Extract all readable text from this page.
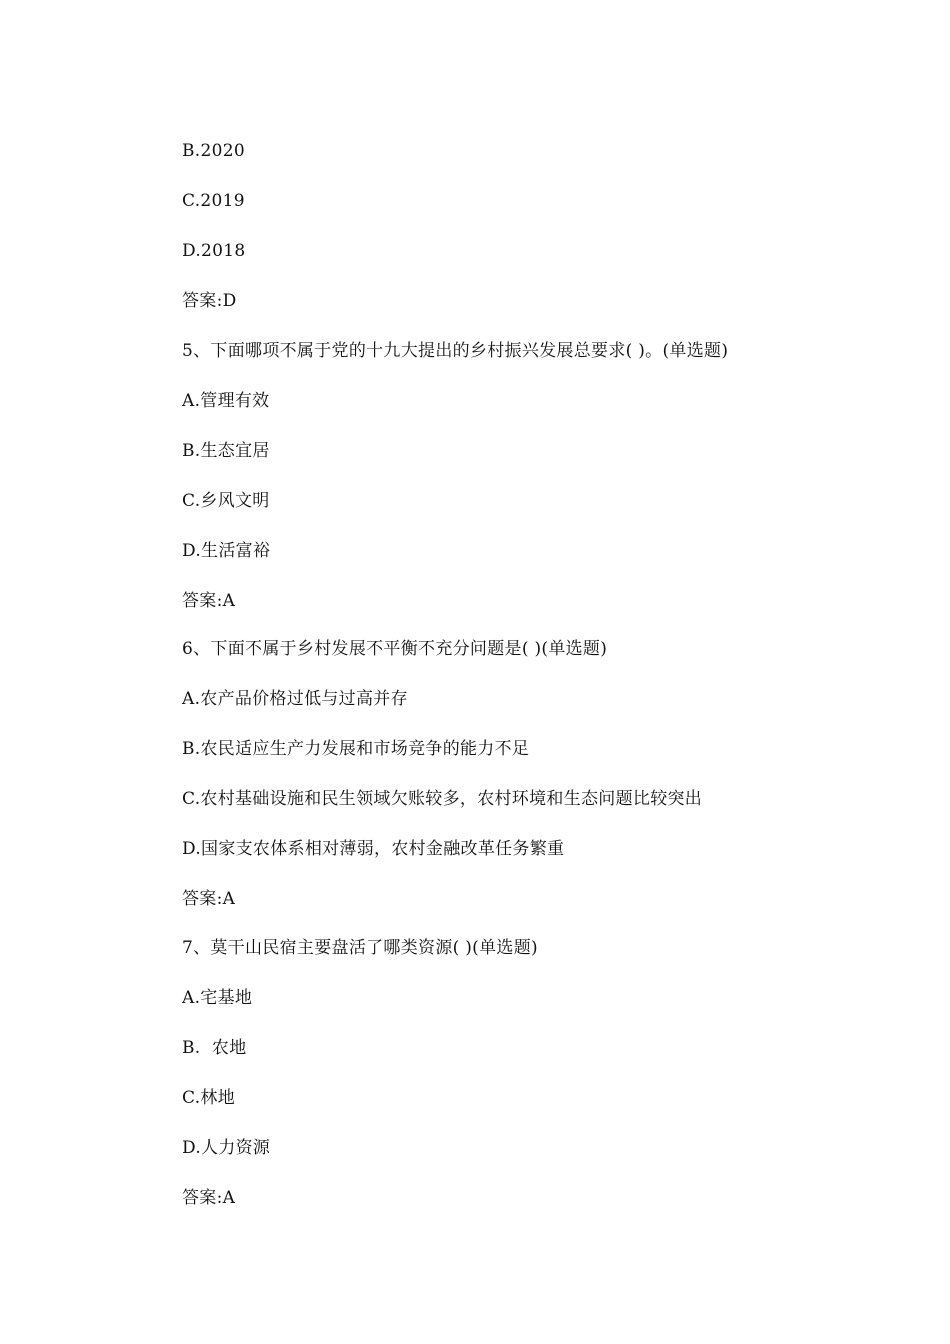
B.2020
C.2019
D.2018
答案:D
5、下面哪项不属于党的十九大提出的乡村振兴发展总要求( )。(单选题)
A.管理有效
B.生态宜居
C.乡风文明
D.生活富裕
答案:A
6、下面不属于乡村发展不平衡不充分问题是( )(单选题)
A.农产品价格过低与过高并存
B.农民适应生产力发展和市场竞争的能力不足
C.农村基础设施和民生领域欠账较多，农村环境和生态问题比较突出
D.国家支农体系相对薄弱，农村金融改革任务繁重
答案:A
7、莫干山民宿主要盘活了哪类资源( )(单选题)
A.宅基地
B.  农地
C.林地
D.人力资源
答案:A
